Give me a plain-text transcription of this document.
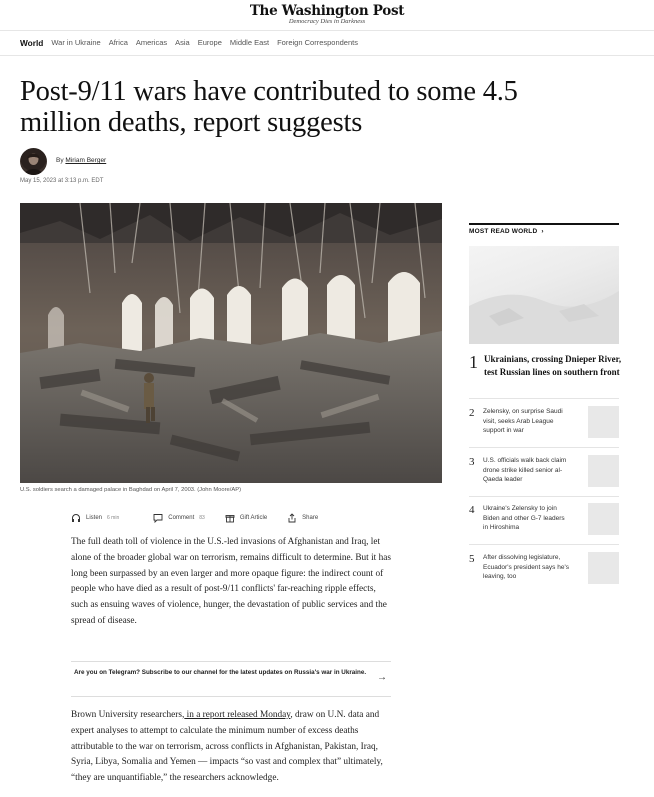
The Washington Post
Democracy Dies in Darkness
World War in Ukraine Africa Americas Asia Europe Middle East Foreign Correspondents
Post-9/11 wars have contributed to some 4.5 million deaths, report suggests
By Miriam Berger
May 15, 2023 at 3:13 p.m. EDT
U.S. soldiers search a damaged palace in Baghdad on April 7, 2003. (John Moore/AP)
Listen 6 min	Comment 83	Gift Article	Share

The full death toll of violence in the U.S.-led invasions of Afghanistan and Iraq, let alone of the broader global war on terrorism, remains difficult to determine. But it has long been surpassed by an even larger and more opaque figure: the indirect count of people who have died as a result of post-9/11 conflicts' far-reaching ripple effects, such as ensuing waves of violence, hunger, the devastation of public services and the spread of disease.

Are you on Telegram? Subscribe to our channel for the latest updates on Russia's war in Ukraine. →

Brown University researchers, in a report released Monday, draw on U.N. data and expert analyses to attempt to calculate the minimum number of excess deaths attributable to the war on terrorism, across conflicts in Afghanistan, Pakistan, Iraq, Syria, Libya, Somalia and Yemen — impacts “so vast and complex that” ultimately, “they are unquantifiable,” the researchers acknowledge.

MOST READ WORLD ›
1 Ukrainians, crossing Dnieper River, test Russian lines on southern front
2 Zelensky, on surprise Saudi visit, seeks Arab League support in war
3 U.S. officials walk back claim drone strike killed senior al-Qaeda leader
4 Ukraine's Zelensky to join Biden and other G-7 leaders in Hiroshima
5 After dissolving legislature, Ecuador's president says he's leaving, too
